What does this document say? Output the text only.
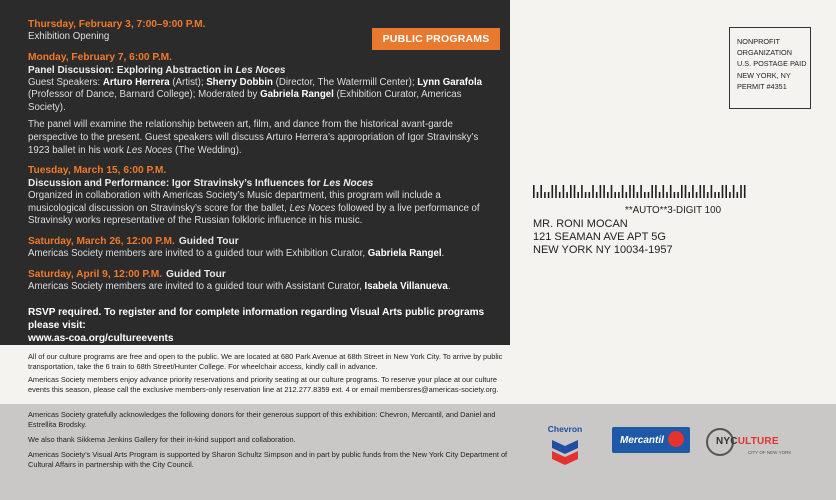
PUBLIC PROGRAMS
Thursday, February 3, 7:00–9:00 P.M.
Exhibition Opening
Monday, February 7, 6:00 P.M.
Panel Discussion: Exploring Abstraction in Les Noces
Guest Speakers: Arturo Herrera (Artist); Sherry Dobbin (Director, The Watermill Center); Lynn Garafola (Professor of Dance, Barnard College); Moderated by Gabriela Rangel (Exhibition Curator, Americas Society).
The panel will examine the relationship between art, film, and dance from the historical avant-garde perspective to the present. Guest speakers will discuss Arturo Herrera’s appropriation of Igor Stravinsky’s 1923 ballet in his work Les Noces (The Wedding).
Tuesday, March 15, 6:00 P.M.
Discussion and Performance: Igor Stravinsky’s Influences for Les Noces
Organized in collaboration with Americas Society’s Music department, this program will include a musicological discussion on Stravinsky’s score for the ballet, Les Noces followed by a live performance of Stravinsky works representative of the Russian folkloric influence in his music.
Saturday, March 26, 12:00 P.M. Guided Tour
Americas Society members are invited to a guided tour with Exhibition Curator, Gabriela Rangel.
Saturday, April 9, 12:00 P.M. Guided Tour
Americas Society members are invited to a guided tour with Assistant Curator, Isabela Villanueva.
RSVP required. To register and for complete information regarding Visual Arts public programs please visit:
www.as-coa.org/cultureevents
All of our culture programs are free and open to the public. We are located at 680 Park Avenue at 68th Street in New York City. To arrive by public transportation, take the 6 train to 68th Street/Hunter College. For wheelchair access, kindly call in advance.
Americas Society members enjoy advance priority reservations and priority seating at our culture programs. To reserve your place at our culture events this season, please call the exclusive members-only reservation line at 212.277.8359 ext. 4 or email membersres@americas-society.org.
Americas Society gratefully acknowledges the following donors for their generous support of this exhibition: Chevron, Mercantil, and Daniel and Estrellita Brodsky.
We also thank Sikkema Jenkins Gallery for their in-kind support and collaboration.
Americas Society’s Visual Arts Program is supported by Sharon Schultz Simpson and in part by public funds from the New York City Department of Cultural Affairs in partnership with the City Council.
Chevron
Mercantil	NYCULTURE
CITY OF NEW YORK
NONPROFIT
ORGANIZATION
U.S. POSTAGE PAID
NEW YORK, NY
PERMIT #4351
**AUTO**3-DIGIT 100
MR. RONI MOCAN
121 SEAMAN AVE APT 5G
NEW YORK NY 10034-1957
